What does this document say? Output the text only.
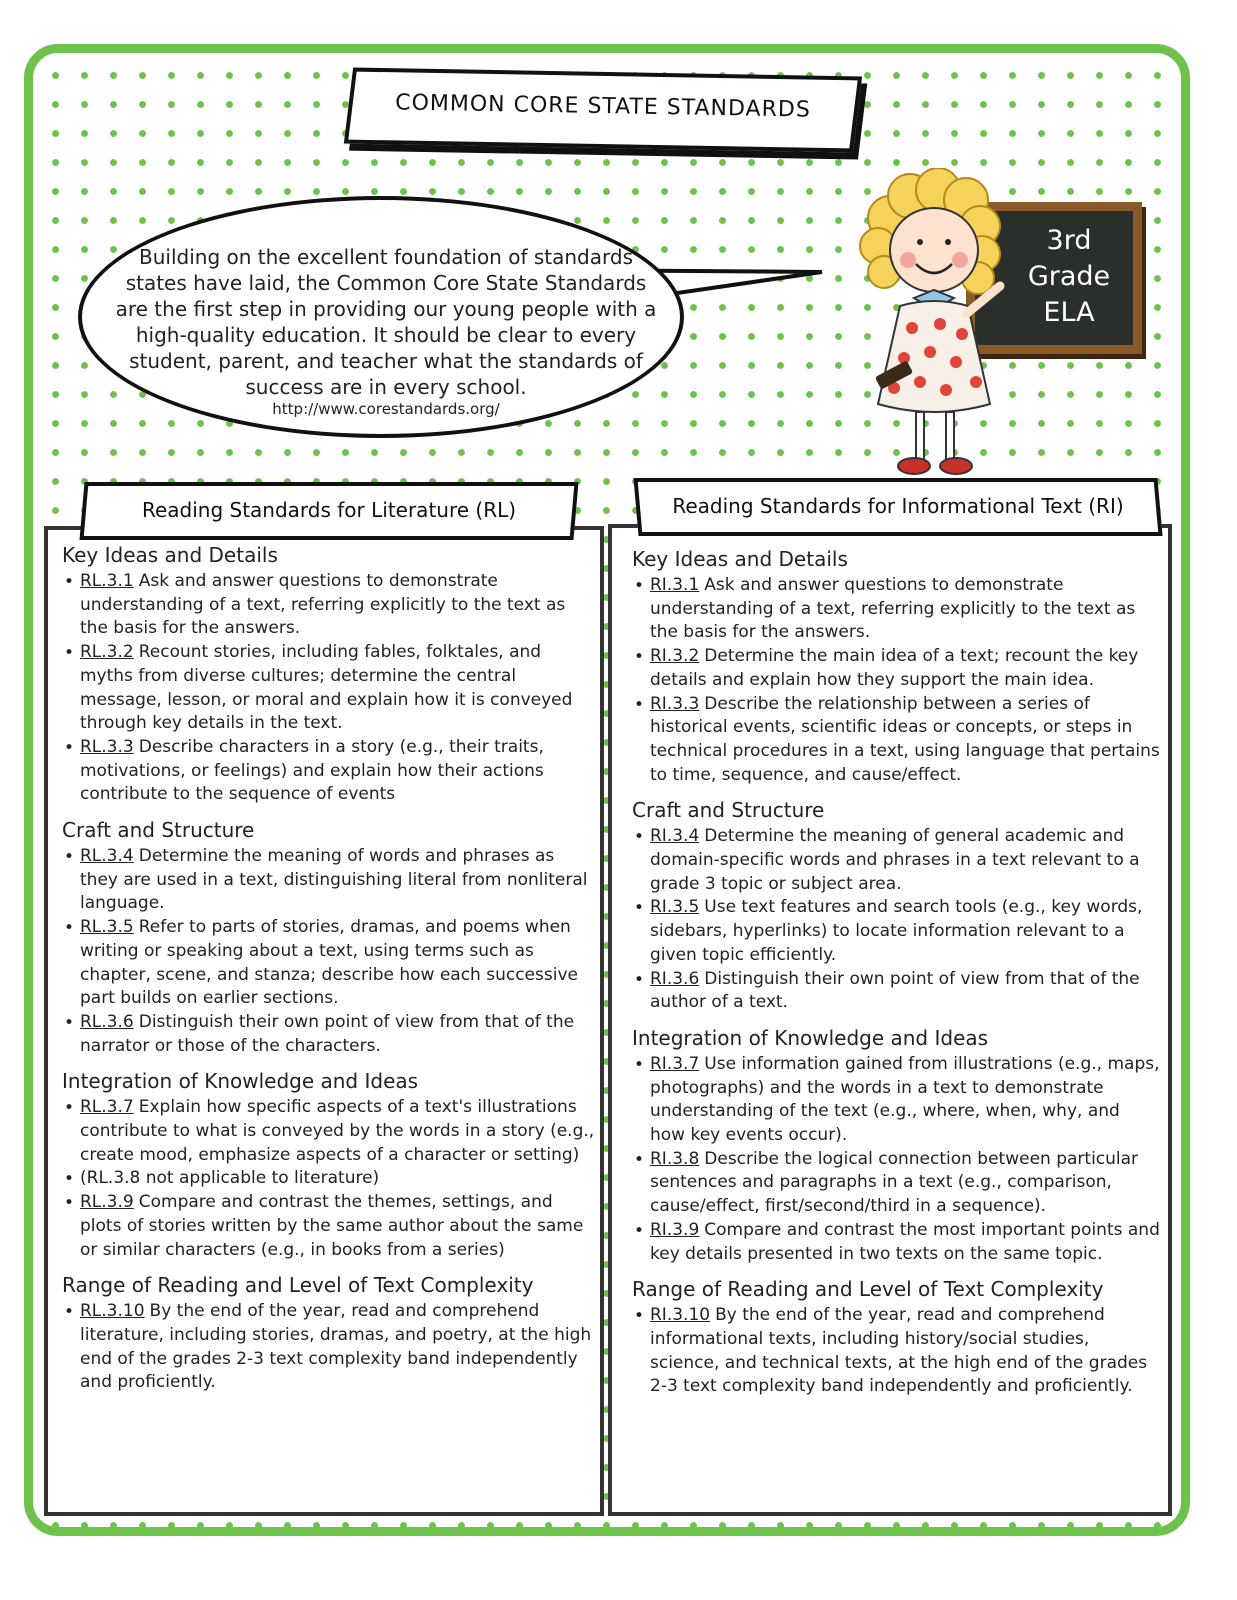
COMMON CORE STATE STANDARDS
Building on the excellent foundation of standards states have laid, the Common Core State Standards are the first step in providing our young people with a high-quality education. It should be clear to every student, parent, and teacher what the standards of success are in every school.
http://www.corestandards.org/
3rd
Grade
ELA
Reading Standards for Literature (RL)
Key Ideas and Details
• RL.3.1 Ask and answer questions to demonstrate understanding of a text, referring explicitly to the text as the basis for the answers.
• RL.3.2 Recount stories, including fables, folktales, and myths from diverse cultures; determine the central message, lesson, or moral and explain how it is conveyed through key details in the text.
• RL.3.3 Describe characters in a story (e.g., their traits, motivations, or feelings) and explain how their actions contribute to the sequence of events
Craft and Structure
• RL.3.4 Determine the meaning of words and phrases as they are used in a text, distinguishing literal from nonliteral language.
• RL.3.5 Refer to parts of stories, dramas, and poems when writing or speaking about a text, using terms such as chapter, scene, and stanza; describe how each successive part builds on earlier sections.
• RL.3.6 Distinguish their own point of view from that of the narrator or those of the characters.
Integration of Knowledge and Ideas
• RL.3.7 Explain how specific aspects of a text's illustrations contribute to what is conveyed by the words in a story (e.g., create mood, emphasize aspects of a character or setting)
• (RL.3.8 not applicable to literature)
• RL.3.9 Compare and contrast the themes, settings, and plots of stories written by the same author about the same or similar characters (e.g., in books from a series)
Range of Reading and Level of Text Complexity
• RL.3.10 By the end of the year, read and comprehend literature, including stories, dramas, and poetry, at the high end of the grades 2-3 text complexity band independently and proficiently.
Reading Standards for Informational Text (RI)
Key Ideas and Details
• RI.3.1 Ask and answer questions to demonstrate understanding of a text, referring explicitly to the text as the basis for the answers.
• RI.3.2 Determine the main idea of a text; recount the key details and explain how they support the main idea.
• RI.3.3 Describe the relationship between a series of historical events, scientific ideas or concepts, or steps in technical procedures in a text, using language that pertains to time, sequence, and cause/effect.
Craft and Structure
• RI.3.4 Determine the meaning of general academic and domain-specific words and phrases in a text relevant to a grade 3 topic or subject area.
• RI.3.5 Use text features and search tools (e.g., key words, sidebars, hyperlinks) to locate information relevant to a given topic efficiently.
• RI.3.6 Distinguish their own point of view from that of the author of a text.
Integration of Knowledge and Ideas
• RI.3.7 Use information gained from illustrations (e.g., maps, photographs) and the words in a text to demonstrate understanding of the text (e.g., where, when, why, and how key events occur).
• RI.3.8 Describe the logical connection between particular sentences and paragraphs in a text (e.g., comparison, cause/effect, first/second/third in a sequence).
• RI.3.9 Compare and contrast the most important points and key details presented in two texts on the same topic.
Range of Reading and Level of Text Complexity
• RI.3.10 By the end of the year, read and comprehend informational texts, including history/social studies, science, and technical texts, at the high end of the grades 2-3 text complexity band independently and proficiently.
